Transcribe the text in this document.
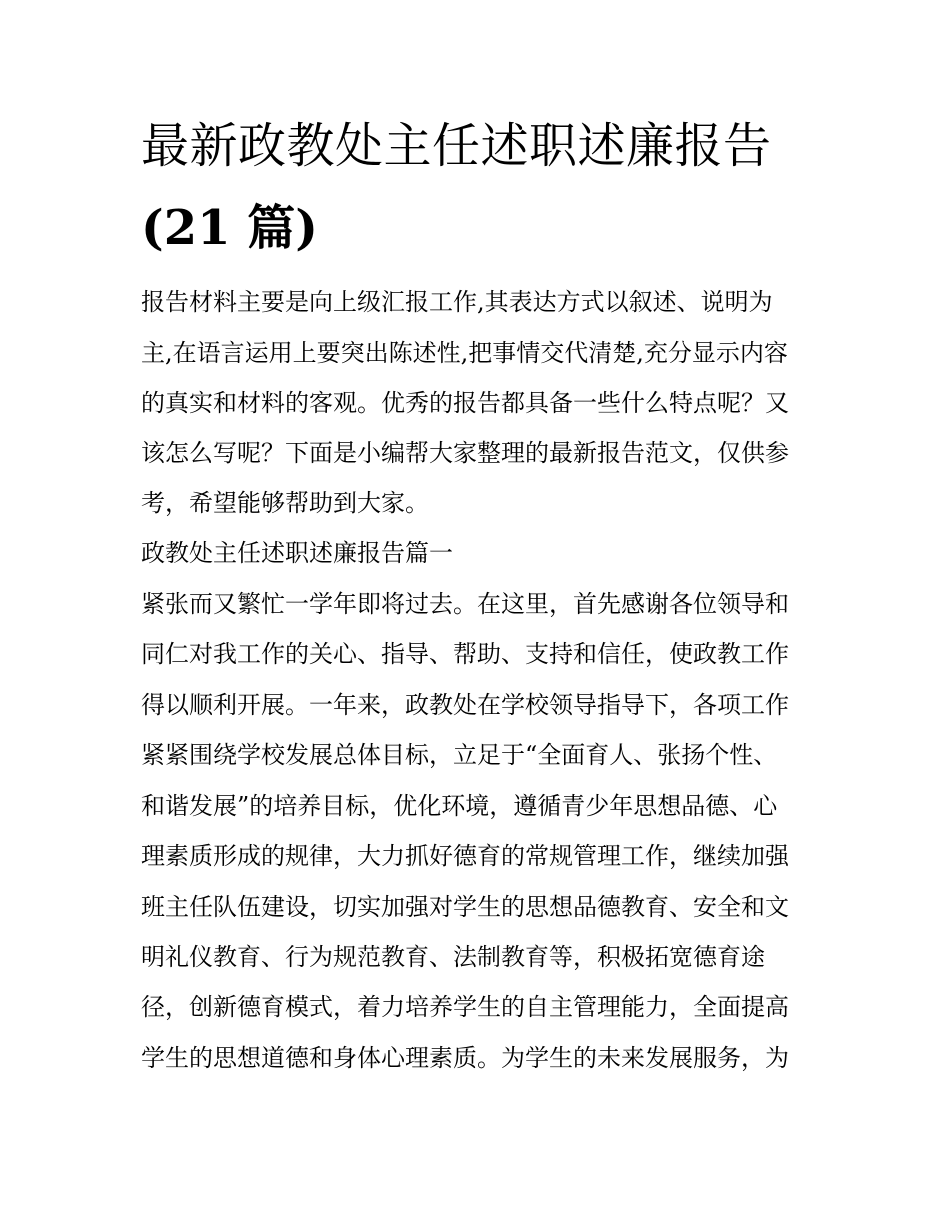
最新政教处主任述职述廉报告
(21 篇)

报告材料主要是向上级汇报工作,其表达方式以叙述、说明为

主,在语言运用上要突出陈述性,把事情交代清楚,充分显示内容

的真实和材料的客观。优秀的报告都具备一些什么特点呢？又

该怎么写呢？下面是小编帮大家整理的最新报告范文，仅供参

考，希望能够帮助到大家。

政教处主任述职述廉报告篇一

紧张而又繁忙一学年即将过去。在这里，首先感谢各位领导和

同仁对我工作的关心、指导、帮助、支持和信任，使政教工作

得以顺利开展。一年来，政教处在学校领导指导下，各项工作

紧紧围绕学校发展总体目标，立足于“全面育人、张扬个性、

和谐发展”的培养目标，优化环境，遵循青少年思想品德、心

理素质形成的规律，大力抓好德育的常规管理工作，继续加强

班主任队伍建设，切实加强对学生的思想品德教育、安全和文

明礼仪教育、行为规范教育、法制教育等，积极拓宽德育途

径，创新德育模式，着力培养学生的自主管理能力，全面提高

学生的思想道德和身体心理素质。为学生的未来发展服务，为
